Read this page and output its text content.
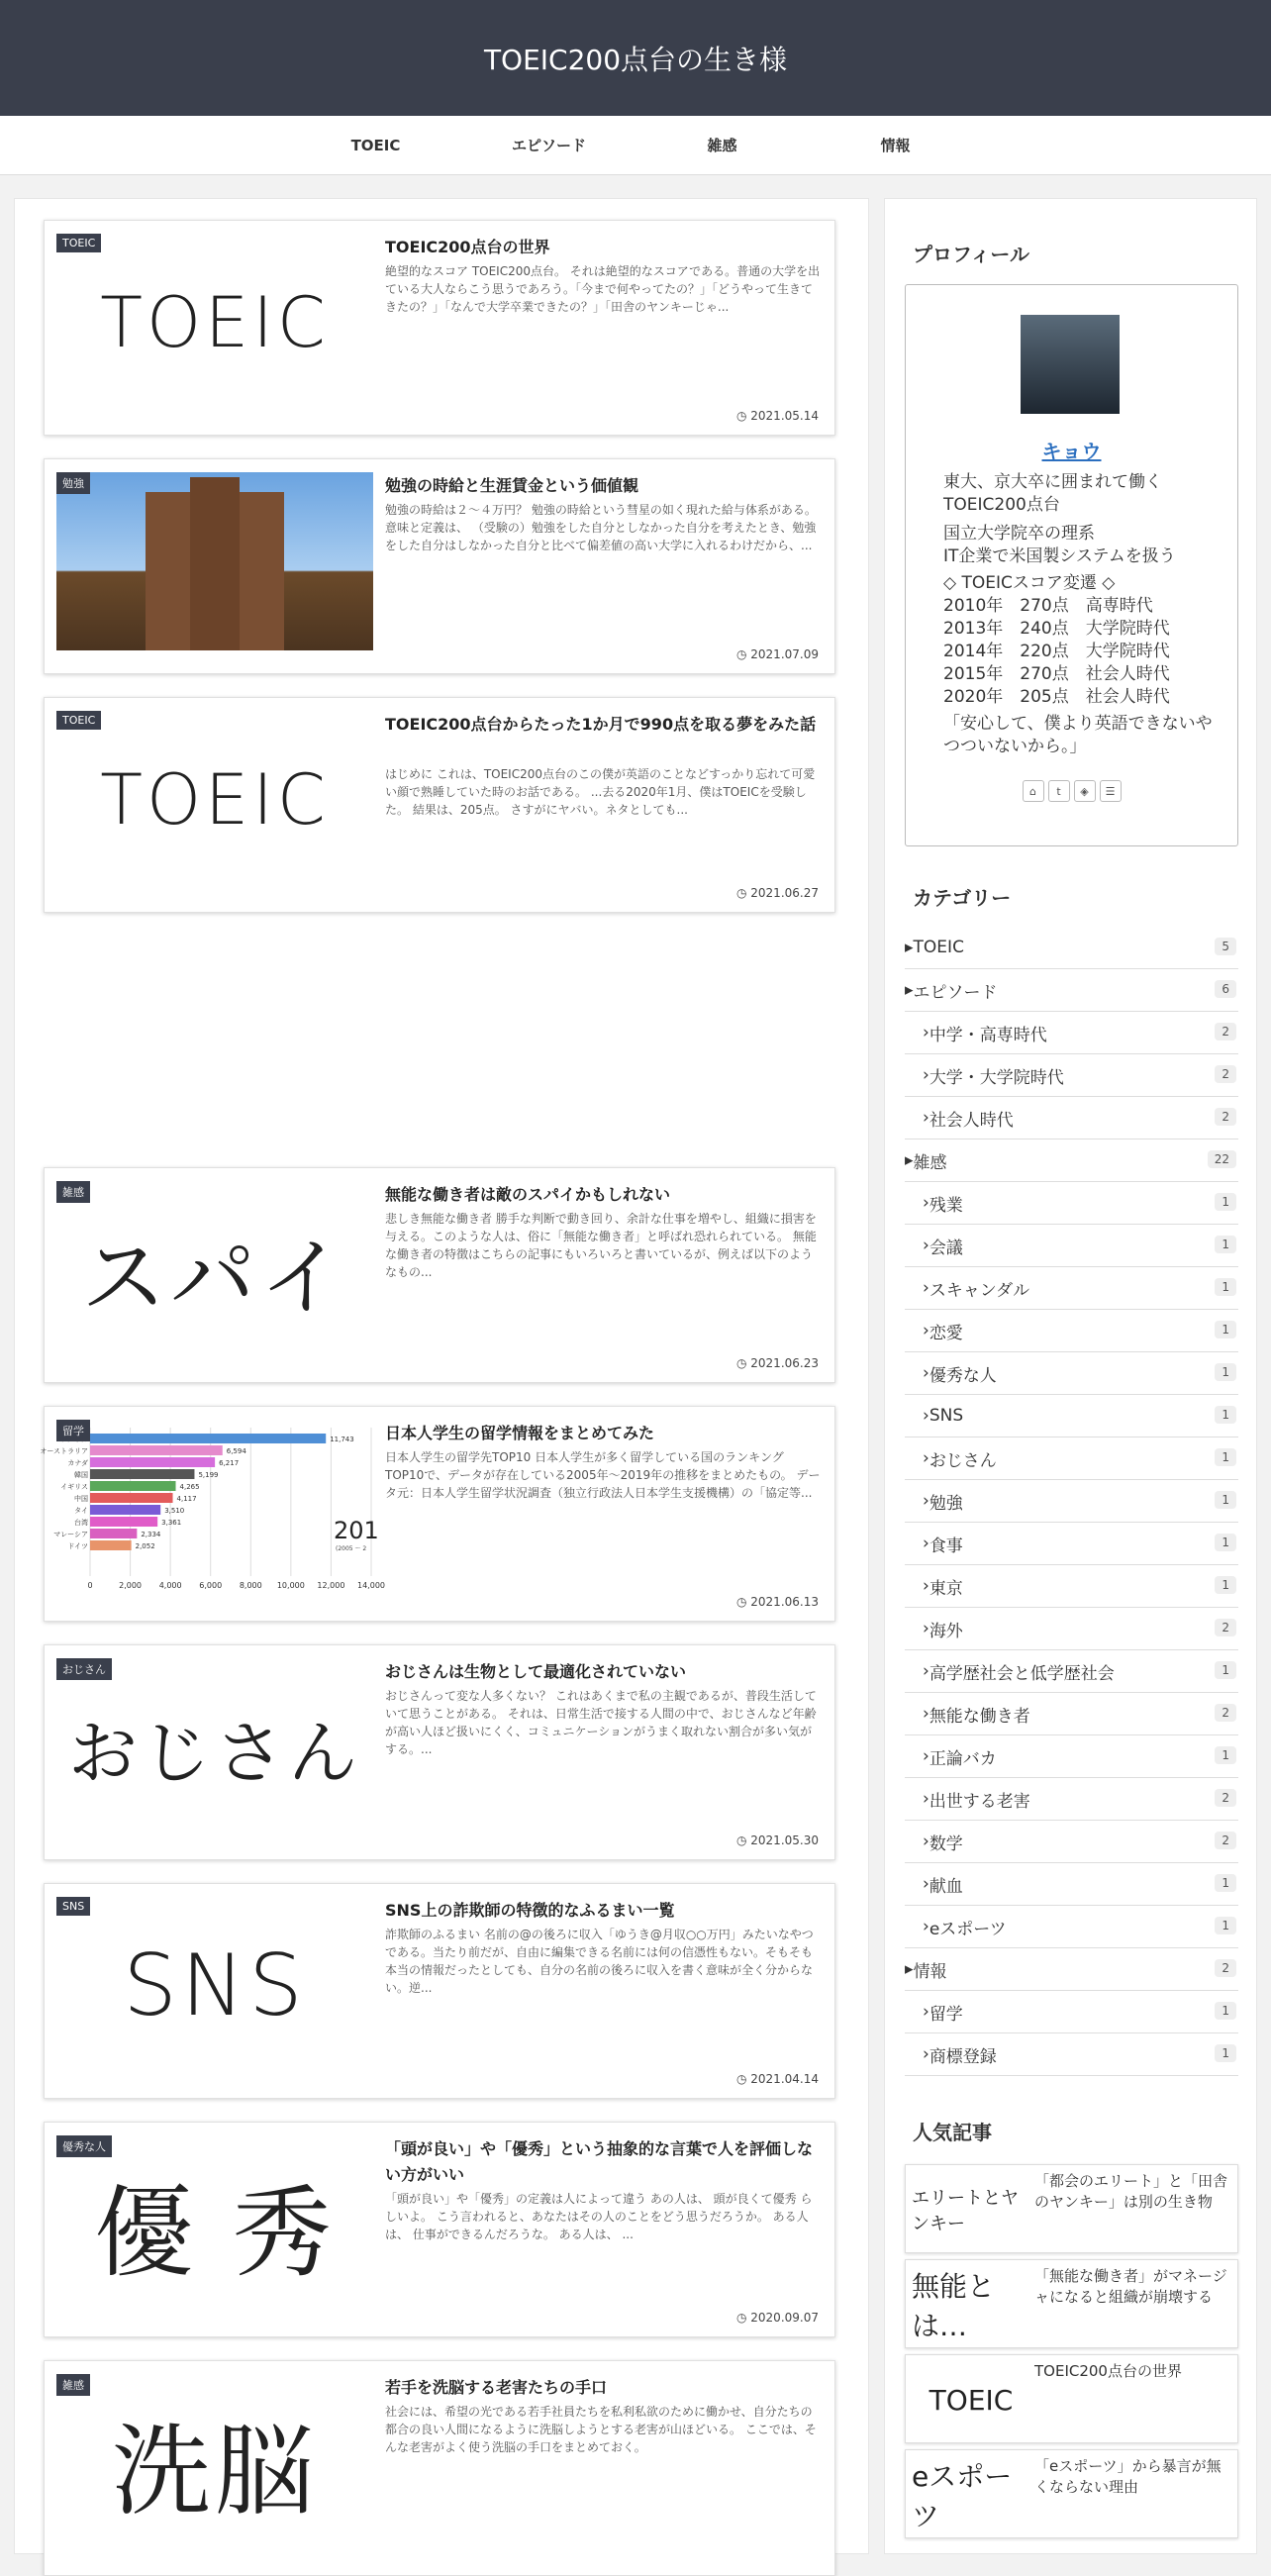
TOEIC200点台の生き様
TOEIC	エピソード	雑感	情報
TOEIC
TOEIC	TOEIC200点台の世界

絶望的なスコア TOEIC200点台。 それは絶望的なスコアである。普通の大学を出ている大人ならこう思うであろう。「今まで何やってたの？」「どうやって生きてきたの？」「なんで大学卒業できたの？」「田舎のヤンキーじゃ...

◷ 2021.05.14
勉強	勉強の時給と生涯賃金という価値観

勉強の時給は２～４万円？ 勉強の時給という彗星の如く現れた給与体系がある。 意味と定義は、 （受験の）勉強をした自分としなかった自分を考えたとき、勉強をした自分はしなかった自分と比べて偏差値の高い大学に入れるわけだから、...

◷ 2021.07.09
TOEIC
TOEIC	TOEIC200点台からたった1か月で990点を取る夢をみた話

はじめに これは、TOEIC200点台のこの僕が英語のことなどすっかり忘れて可愛い顔で熟睡していた時のお話である。 ...去る2020年1月、僕はTOEICを受験した。 結果は、205点。 さすがにヤバい。ネタとしても...

◷ 2021.06.27
スパイ
雑感	無能な働き者は敵のスパイかもしれない

悲しき無能な働き者 勝手な判断で動き回り、余計な仕事を増やし、組織に損害を与える。このような人は、俗に「無能な働き者」と呼ばれ恐れられている。 無能な働き者の特徴はこちらの記事にもいろいろと書いているが、例えば以下のようなもの...

◷ 2021.06.23
0	2,000 4,000 6,000 8,000 10,000 12,000 14,000
11,743
オーストラリア	6,594
カナダ	6,217
韓国	5,199
イギリス	4,265
中国	4,117
タイ	3,510
台湾	3,361
マレーシア	2,334
ドイツ	2,052
201
(2005 ～ 2
留学	日本人学生の留学情報をまとめてみた

日本人学生の留学先TOP10 日本人学生が多く留学している国のランキングTOP10で、データが存在している2005年～2019年の推移をまとめたもの。 データ元：日本人学生留学状況調査（独立行政法人日本学生支援機構）の「協定等...

◷ 2021.06.13
おじさん
おじさん	おじさんは生物として最適化されていない

おじさんって変な人多くない？ これはあくまで私の主観であるが、普段生活していて思うことがある。 それは、日常生活で接する人間の中で、おじさんなど年齢が高い人ほど扱いにくく、コミュニケーションがうまく取れない割合が多い気がする。...

◷ 2021.05.30
SNS
SNS	SNS上の詐欺師の特徴的なふるまい一覧

詐欺師のふるまい 名前の@の後ろに収入「ゆうき@月収○○万円」みたいなやつである。当たり前だが、自由に編集できる名前には何の信憑性もない。そもそも本当の情報だったとしても、自分の名前の後ろに収入を書く意味が全く分からない。逆...

◷ 2021.04.14
優 秀
優秀な人	「頭が良い」や「優秀」という抽象的な言葉で人を評価しない方がいい

「頭が良い」や「優秀」の定義は人によって違う あの人は、 頭が良くて優秀 らしいよ。 こう言われると、あなたはその人のことをどう思うだろうか。 ある人は、 仕事ができるんだろうな。 ある人は、 ...

◷ 2020.09.07
洗脳
雑感	若手を洗脳する老害たちの手口

社会には、希望の光である若手社員たちを私利私欲のために働かせ、自分たちの都合の良い人間になるように洗脳しようとする老害が山ほどいる。 ここでは、そんな老害がよく使う洗脳の手口をまとめておく。

プロフィール
キョウ
東大、京大卒に囲まれて働くTOEIC200点台
国立大学院卒の理系
IT企業で米国製システムを扱う
◇ TOEICスコア変遷 ◇
2010年　270点　高専時代
2013年　240点　大学院時代
2014年　220点　大学院時代
2015年　270点　社会人時代
2020年　205点　社会人時代
「安心して、僕より英語できないやつついないから。」
⌂	t	◈	☰
カテゴリー
人気記事
▸ TOEIC	5
▸ エピソード	6
› 中学・高専時代	2
› 大学・大学院時代	2
› 社会人時代	2
▸ 雑感	22
› 残業	1
› 会議	1
› スキャンダル	1
› 恋愛	1
› 優秀な人	1
› SNS	1
› おじさん	1
› 勉強	1
› 食事	1
› 東京	1
› 海外	2
› 高学歴社会と低学歴社会	1
› 無能な働き者	2
› 正論バカ	1
› 出世する老害	2
› 数学	2
› 献血	1
› eスポーツ	1
▸ 情報	2
› 留学	1
› 商標登録	1
エリートとヤンキー
「都会のエリート」と「田舎のヤンキー」は別の生き物
無能とは…
「無能な働き者」がマネージャになると組織が崩壊する
TOEIC
TOEIC200点台の世界
eスポーツ
「eスポーツ」から暴言が無くならない理由
